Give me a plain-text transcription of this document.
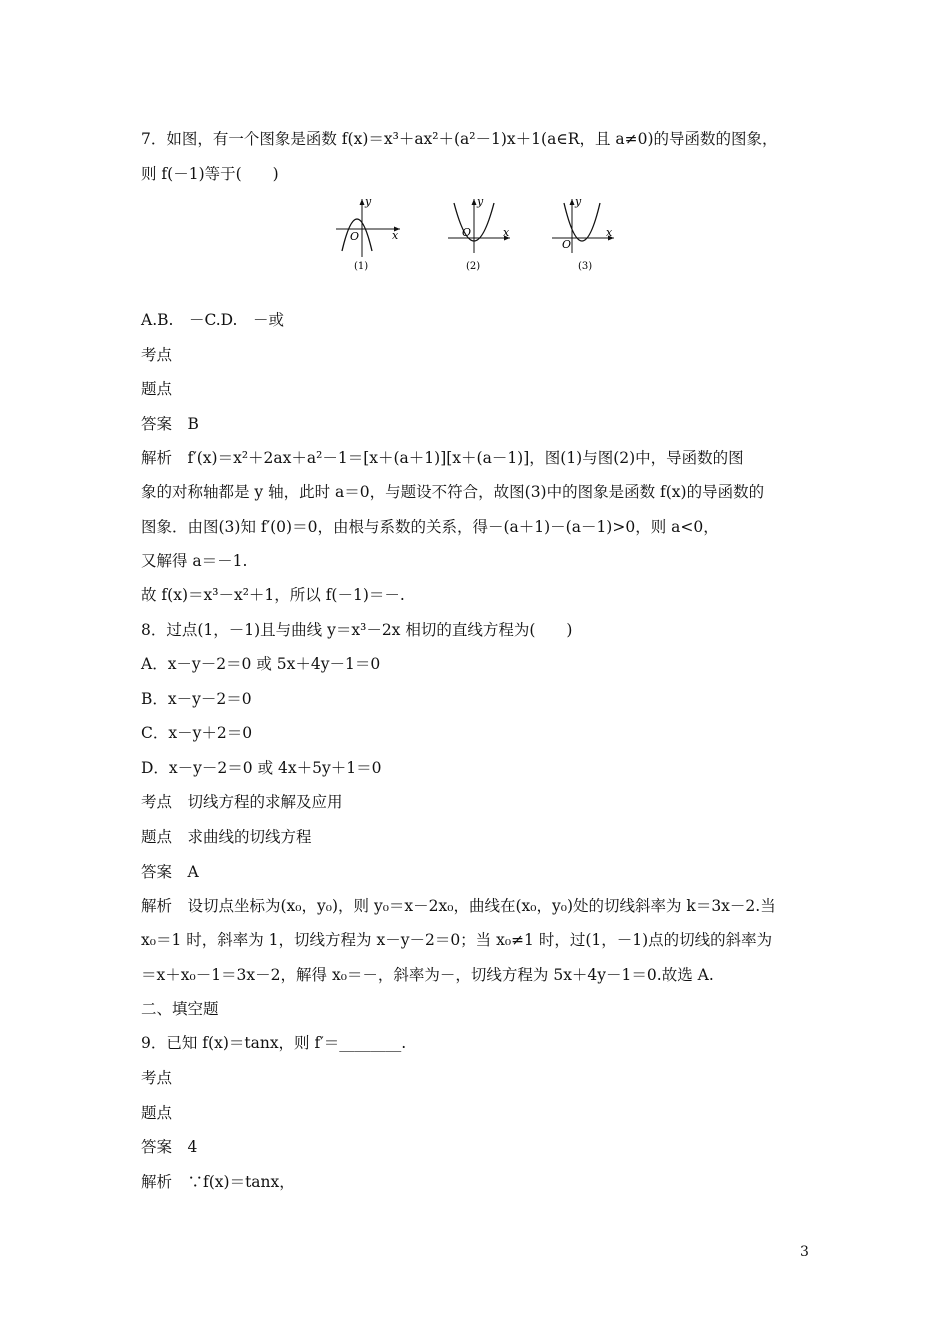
7．如图，有一个图象是函数 f(x)＝x³＋ax²＋(a²－1)x＋1(a∈R，且 a≠0)的导函数的图象，
则 f(－1)等于(　　)
A.B.　－C.D.　－或
考点
题点
答案　B
解析　f′(x)＝x²＋2ax＋a²－1＝[x＋(a＋1)][x＋(a－1)]，图(1)与图(2)中，导函数的图
象的对称轴都是 y 轴，此时 a＝0，与题设不符合，故图(3)中的图象是函数 f(x)的导函数的
图象．由图(3)知 f′(0)＝0，由根与系数的关系，得－(a＋1)－(a－1)>0，则 a<0，
又解得 a＝－1.
故 f(x)＝x³－x²＋1，所以 f(－1)＝－.
8．过点(1，－1)且与曲线 y＝x³－2x 相切的直线方程为(　　)
A．x－y－2＝0 或 5x＋4y－1＝0
B．x－y－2＝0
C．x－y＋2＝0
D．x－y－2＝0 或 4x＋5y＋1＝0
考点　切线方程的求解及应用
题点　求曲线的切线方程
答案　A
解析　设切点坐标为(x₀，y₀)，则 y₀＝x－2x₀，曲线在(x₀，y₀)处的切线斜率为 k＝3x－2.当
x₀＝1 时，斜率为 1，切线方程为 x－y－2＝0；当 x₀≠1 时，过(1，－1)点的切线的斜率为
＝x＋x₀－1＝3x－2，解得 x₀＝－，斜率为－，切线方程为 5x＋4y－1＝0.故选 A.
二、填空题
9．已知 f(x)＝tanx，则 f′＝________.
考点
题点
答案　4
解析　∵f(x)＝tanx，
y
x
O
(1)
y
x
O
(2)
y
x
O
(3)
3
